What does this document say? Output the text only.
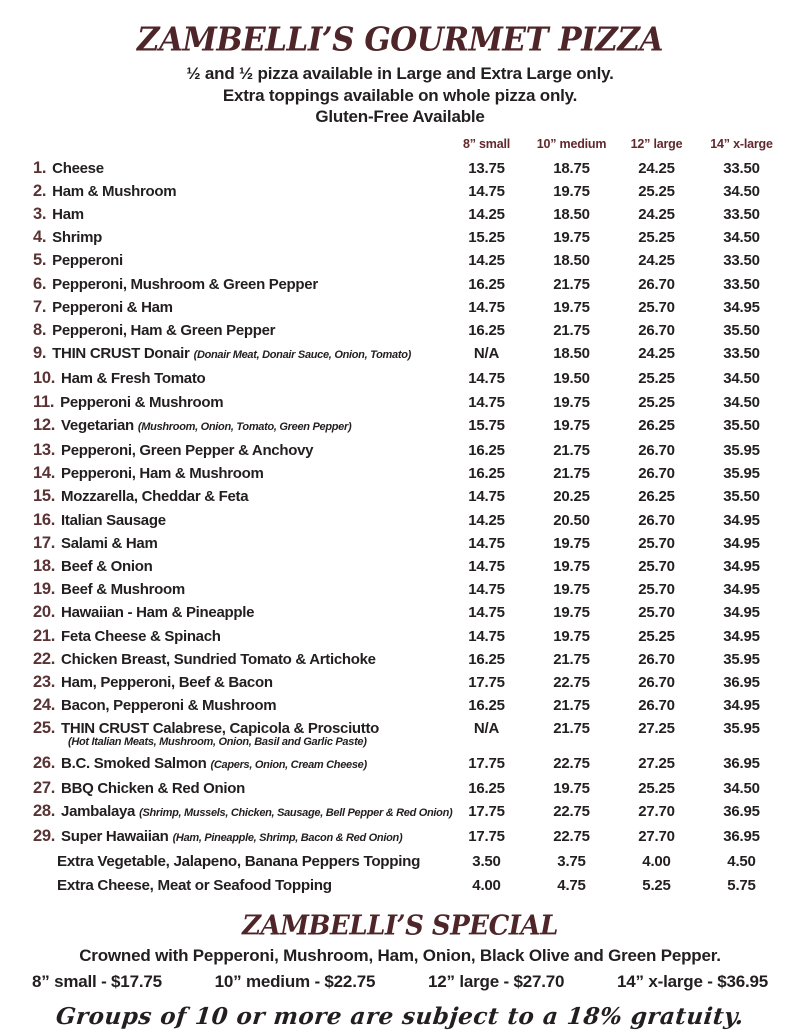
ZAMBELLI’S GOURMET PIZZA
½ and ½ pizza available in Large and Extra Large only.
Extra toppings available on whole pizza only.
Gluten-Free Available
8” small	10” medium	12” large	14” x-large
1. Cheese	13.75	18.75	24.25	33.50
2. Ham & Mushroom	14.75	19.75	25.25	34.50
3. Ham	14.25	18.50	24.25	33.50
4. Shrimp	15.25	19.75	25.25	34.50
5. Pepperoni	14.25	18.50	24.25	33.50
6. Pepperoni, Mushroom & Green Pepper	16.25	21.75	26.70	33.50
7. Pepperoni & Ham	14.75	19.75	25.70	34.95
8. Pepperoni, Ham & Green Pepper	16.25	21.75	26.70	35.50
9. THIN CRUST Donair (Donair Meat, Donair Sauce, Onion, Tomato)	N/A	18.50	24.25	33.50
10. Ham & Fresh Tomato	14.75	19.50	25.25	34.50
11. Pepperoni & Mushroom	14.75	19.75	25.25	34.50
12. Vegetarian (Mushroom, Onion, Tomato, Green Pepper)	15.75	19.75	26.25	35.50
13. Pepperoni, Green Pepper & Anchovy	16.25	21.75	26.70	35.95
14. Pepperoni, Ham & Mushroom	16.25	21.75	26.70	35.95
15. Mozzarella, Cheddar & Feta	14.75	20.25	26.25	35.50
16. Italian Sausage	14.25	20.50	26.70	34.95
17. Salami & Ham	14.75	19.75	25.70	34.95
18. Beef & Onion	14.75	19.75	25.70	34.95
19. Beef & Mushroom	14.75	19.75	25.70	34.95
20. Hawaiian - Ham & Pineapple	14.75	19.75	25.70	34.95
21. Feta Cheese & Spinach	14.75	19.75	25.25	34.95
22. Chicken Breast, Sundried Tomato & Artichoke	16.25	21.75	26.70	35.95
23. Ham, Pepperoni, Beef & Bacon	17.75	22.75	26.70	36.95
24. Bacon, Pepperoni & Mushroom	16.25	21.75	26.70	34.95
25. THIN CRUST Calabrese, Capicola & Prosciutto	N/A	21.75	27.25	35.95
(Hot Italian Meats, Mushroom, Onion, Basil and Garlic Paste)
26. B.C. Smoked Salmon (Capers, Onion, Cream Cheese)	17.75	22.75	27.25	36.95
27. BBQ Chicken & Red Onion	16.25	19.75	25.25	34.50
28. Jambalaya (Shrimp, Mussels, Chicken, Sausage, Bell Pepper & Red Onion)	17.75	22.75	27.70	36.95
29. Super Hawaiian (Ham, Pineapple, Shrimp, Bacon & Red Onion)	17.75	22.75	27.70	36.95
Extra Vegetable, Jalapeno, Banana Peppers Topping	3.50	3.75	4.00	4.50
Extra Cheese, Meat or Seafood Topping	4.00	4.75	5.25	5.75
ZAMBELLI’S SPECIAL
Crowned with Pepperoni, Mushroom, Ham, Onion, Black Olive and Green Pepper.
8” small - $17.75	10” medium - $22.75	12” large - $27.70	14” x-large - $36.95
Groups of 10 or more are subject to a 18% gratuity.
